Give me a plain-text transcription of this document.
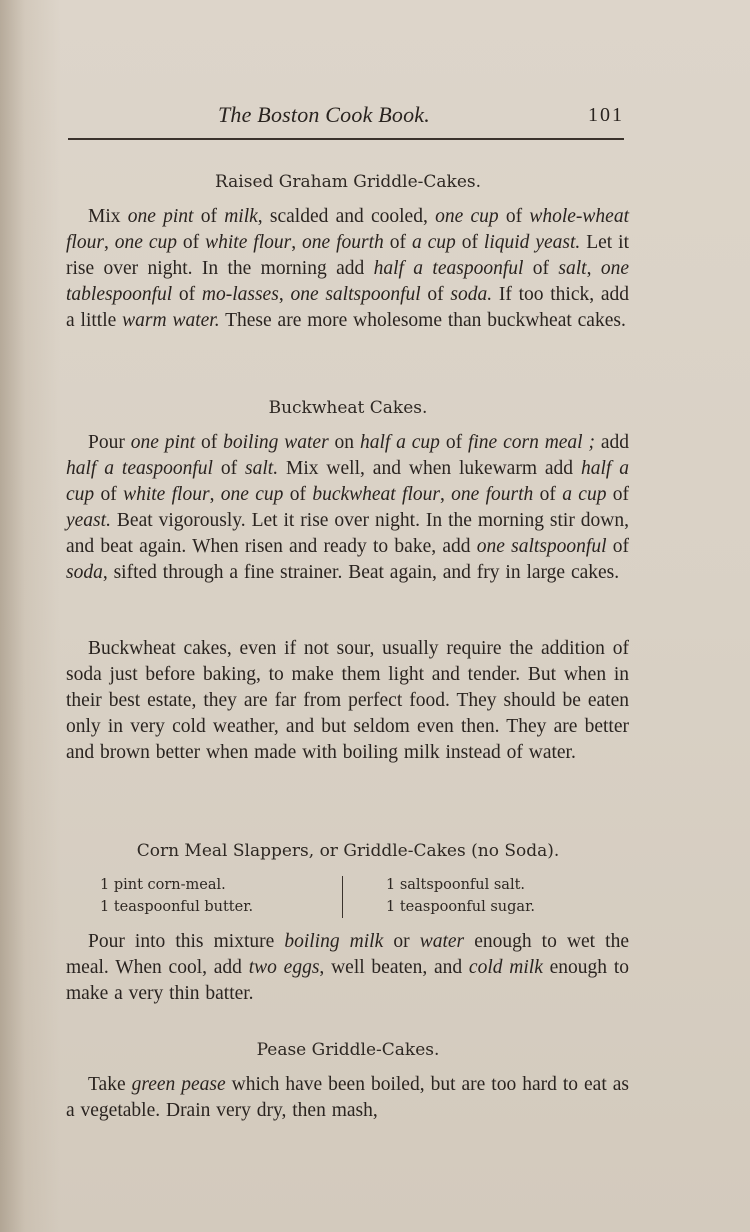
The Boston Cook Book.	101
Raised Graham Griddle-Cakes.

Mix one pint of milk, scalded and cooled, one cup of whole-wheat flour, one cup of white flour, one fourth of a cup of liquid yeast. Let it rise over night. In the morning add half a teaspoonful of salt, one tablespoonful of mo-lasses, one saltspoonful of soda. If too thick, add a little warm water. These are more wholesome than buckwheat cakes.

Buckwheat Cakes.

Pour one pint of boiling water on half a cup of fine corn meal ; add half a teaspoonful of salt. Mix well, and when lukewarm add half a cup of white flour, one cup of buckwheat flour, one fourth of a cup of yeast. Beat vigorously. Let it rise over night. In the morning stir down, and beat again. When risen and ready to bake, add one saltspoonful of soda, sifted through a fine strainer. Beat again, and fry in large cakes.

Buckwheat cakes, even if not sour, usually require the addition of soda just before baking, to make them light and tender. But when in their best estate, they are far from perfect food. They should be eaten only in very cold weather, and but seldom even then. They are better and brown better when made with boiling milk instead of water.

Corn Meal Slappers, or Griddle-Cakes (no Soda).
1 pint corn-meal.
1 teaspoonful butter.
1 saltspoonful salt.
1 teaspoonful sugar.

Pour into this mixture boiling milk or water enough to wet the meal. When cool, add two eggs, well beaten, and cold milk enough to make a very thin batter.

Pease Griddle-Cakes.

Take green pease which have been boiled, but are too hard to eat as a vegetable. Drain very dry, then mash,
